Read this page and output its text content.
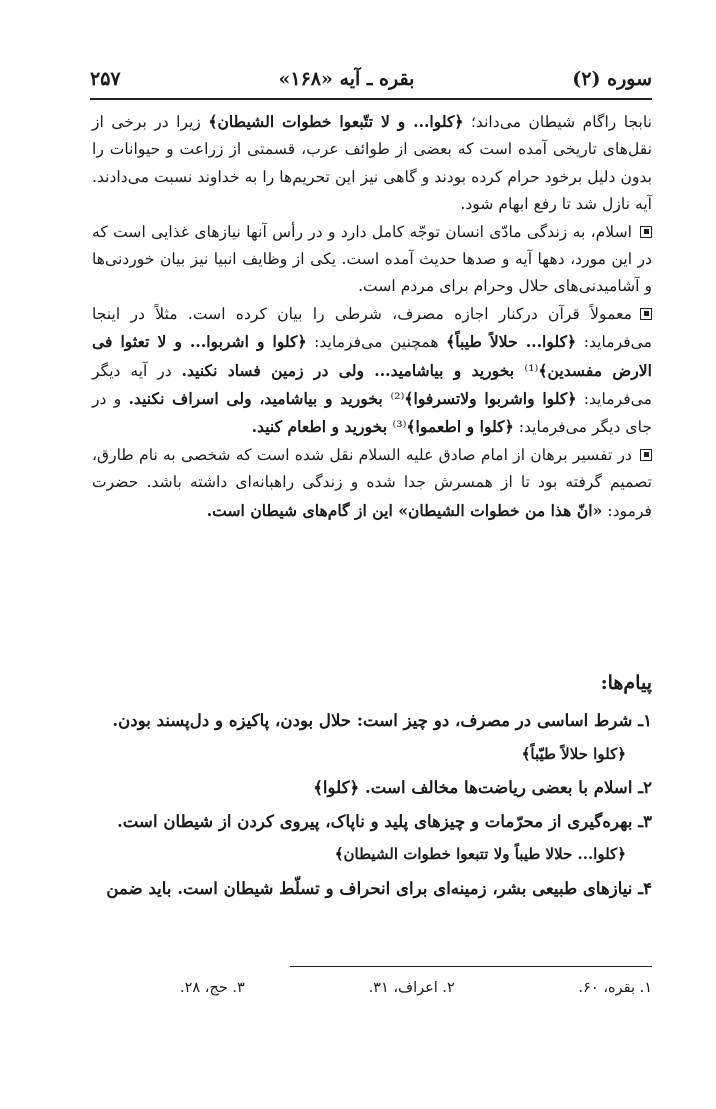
سوره (۲)
بقره ـ آیه «۱۶۸»
۲۵۷

نابجا راگام شیطان می‌داند؛ ﴿کلوا... و لا تتّبعوا خطوات الشیطان﴾ زیرا در برخی از نقل‌های تاریخی آمده است که بعضی از طوائف عرب، قسمتی از زراعت و حیوانات را بدون دلیل برخود حرام کرده بودند و گاهی نیز این تحریم‌ها را به خداوند نسبت می‌دادند. آیه نازل شد تا رفع ابهام شود.

اسلام، به زندگی مادّی انسان توجّه کامل دارد و در رأس آنها نیازهای غذایی است که در این مورد، دهها آیه و صدها حدیث آمده است. یکی از وظایف انبیا نیز بیان خوردنی‌ها و آشامیدنی‌های حلال وحرام برای مردم است.

معمولاً قرآن درکنار اجازه مصرف، شرطی را بیان کرده است. مثلاً در اینجا می‌فرماید: ﴿کلوا... حلالاً طیباً﴾ همچنین می‌فرماید: ﴿کلوا و اشربوا... و لا تعثوا فی الارض مفسدین﴾⁽¹⁾ بخورید و بیاشامید... ولی در زمین فساد نکنید. در آیه دیگر می‌فرماید: ﴿کلوا واشربوا ولاتسرفوا﴾⁽²⁾ بخورید و بیاشامید، ولی اسراف نکنید. و در جای دیگر می‌فرماید: ﴿کلوا و اطعموا﴾⁽³⁾ بخورید و اطعام کنید.

در تفسیر برهان از امام صادق علیه السلام نقل شده است که شخصی به نام طارق، تصمیم گرفته بود تا از همسرش جدا شده و زندگی راهبانه‌ای داشته باشد. حضرت فرمود: «انّ هذا من خطوات الشیطان» این از گام‌های شیطان است.

پیام‌ها:

۱ـ شرط اساسی در مصرف، دو چیز است: حلال بودن، پاکیزه و دل‌پسند بودن.

﴿کلوا حلالاً طیّباً﴾

۲ـ اسلام با بعضی ریاضت‌ها مخالف است. ﴿کلوا﴾

۳ـ بهره‌گیری از محرّمات و چیزهای پلید و ناپاک، پیروی کردن از شیطان است.

﴿کلوا... حلالا طیباً ولا تتبعوا خطوات الشیطان﴾

۴ـ نیازهای طبیعی بشر، زمینه‌ای برای انحراف و تسلّط شیطان است. باید ضمن

۱. بقره، ۶۰.
۲. اعراف، ۳۱.
۳. حج، ۲۸.
